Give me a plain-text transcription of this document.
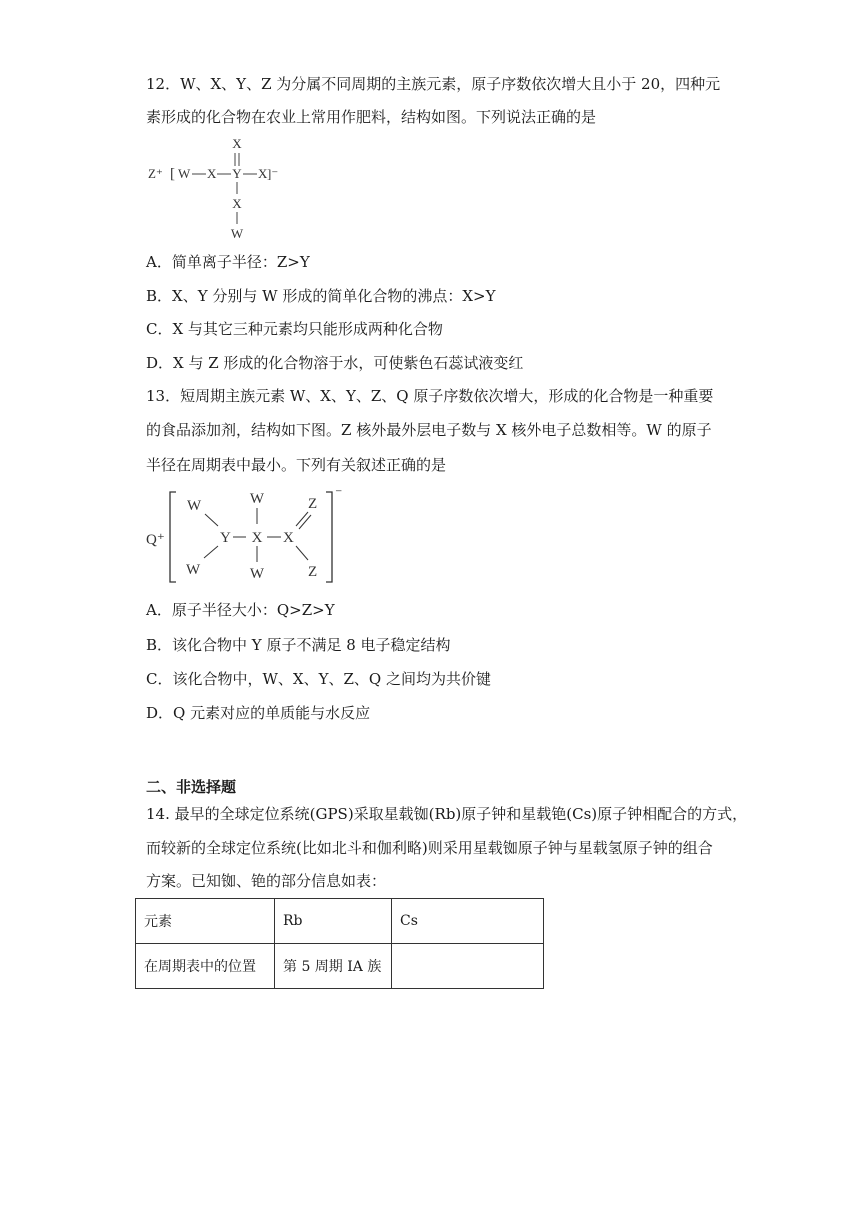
12．W、X、Y、Z 为分属不同周期的主族元素，原子序数依次增大且小于 20，四种元
素形成的化合物在农业上常用作肥料，结构如图。下列说法正确的是
X
Z⁺ [ W X Y X ]⁻
X
W
A．简单离子半径：Z>Y
B．X、Y 分别与 W 形成的简单化合物的沸点：X>Y
C．X 与其它三种元素均只能形成两种化合物
D．X 与 Z 形成的化合物溶于水，可使紫色石蕊试液变红
13．短周期主族元素 W、X、Y、Z、Q 原子序数依次增大，形成的化合物是一种重要
的食品添加剂，结构如下图。Z 核外最外层电子数与 X 核外电子总数相等。W 的原子
半径在周期表中最小。下列有关叙述正确的是
Q⁺
⁻
W
W
Y X
W
W
X
Z
Z
A．原子半径大小：Q>Z>Y
B．该化合物中 Y 原子不满足 8 电子稳定结构
C．该化合物中，W、X、Y、Z、Q 之间均为共价键
D．Q 元素对应的单质能与水反应
二、非选择题
14. 最早的全球定位系统(GPS)采取星载铷(Rb)原子钟和星载铯(Cs)原子钟相配合的方式，
而较新的全球定位系统(比如北斗和伽利略)则采用星载铷原子钟与星载氢原子钟的组合
方案。已知铷、铯的部分信息如表：
元素	Rb	Cs
在周期表中的位置	第 5 周期 IA 族	
